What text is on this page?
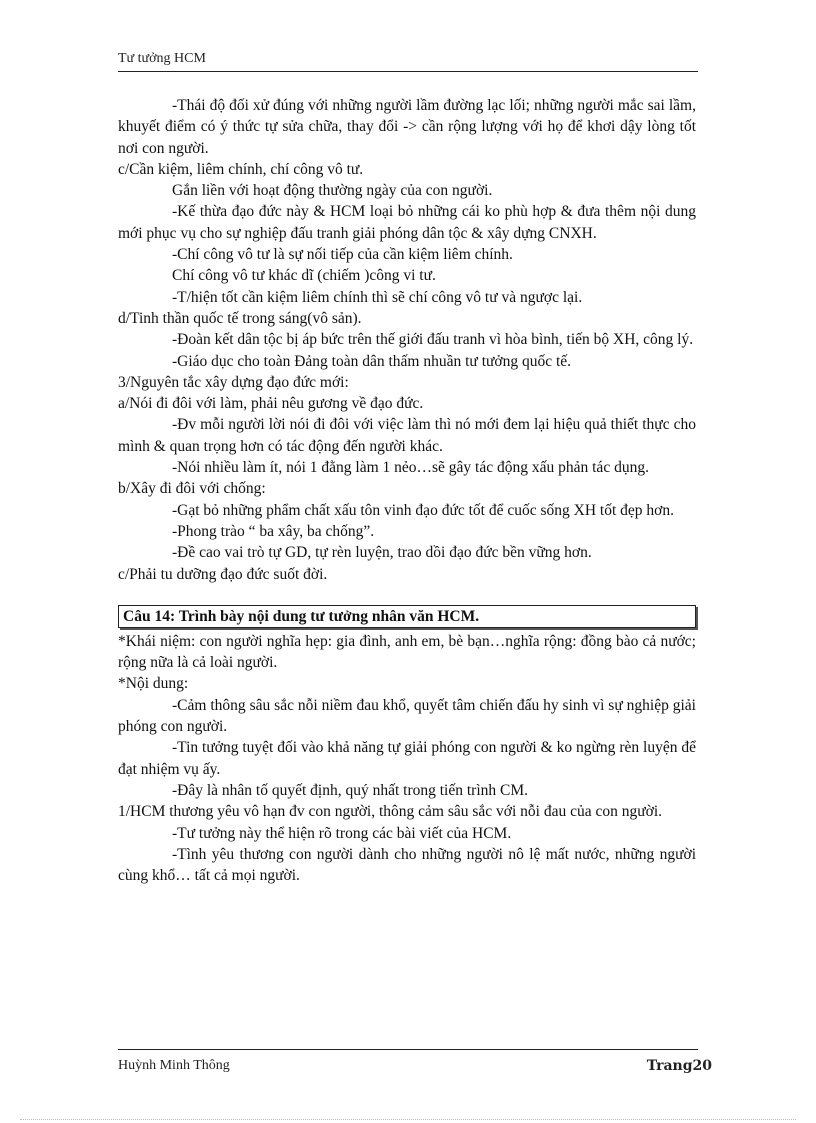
Tư tưởng HCM

-Thái độ đối xử đúng với những người lầm đường lạc lối; những người mắc sai lầm, khuyết điểm có ý thức tự sửa chữa, thay đổi -> cần rộng lượng với họ để khơi dậy lòng tốt nơi con người.

c/Cần kiệm, liêm chính, chí công vô tư.

Gắn liền với hoạt động thường ngày của con người.

-Kế thừa đạo đức này & HCM loại bỏ những cái ko phù hợp & đưa thêm nội dung mới phục vụ cho sự nghiệp đấu tranh giải phóng dân tộc & xây dựng CNXH.

-Chí công vô tư là sự nối tiếp của cần kiệm liêm chính.

Chí công vô tư khác dĩ (chiếm )công vi tư.

-T/hiện tốt cần kiệm liêm chính thì sẽ chí công vô tư và ngược lại.

d/Tinh thần quốc tế trong sáng(vô sản).

-Đoàn kết dân tộc bị áp bức trên thế giới đấu tranh vì hòa bình, tiến bộ XH, công lý.

-Giáo dục cho toàn Đảng toàn dân thấm nhuần tư tưởng quốc tế.

3/Nguyên tắc xây dựng đạo đức mới:

a/Nói đi đôi với làm, phải nêu gương về đạo đức.

-Đv mỗi người lời nói đi đôi với việc làm thì nó mới đem lại hiệu quả thiết thực cho mình & quan trọng hơn có tác động đến người khác.

-Nói nhiều làm ít, nói 1 đằng làm 1 nẻo…sẽ gây tác động xấu phản tác dụng.

b/Xây đi đôi với chống:

-Gạt bỏ những phẩm chất xấu tôn vinh đạo đức tốt để cuốc sống XH tốt đẹp hơn.

-Phong trào “ ba xây, ba chống”.

-Đề cao vai trò tự GD, tự rèn luyện, trao dồi đạo đức bền vững hơn.

c/Phải tu dưỡng đạo đức suốt đời.

Câu 14: Trình bày nội dung tư tưởng nhân văn HCM.

*Khái niệm: con người nghĩa hẹp: gia đình, anh em, bè bạn…nghĩa rộng: đồng bào cả nước; rộng nữa là cả loài người.

*Nội dung:

-Cảm thông sâu sắc nỗi niềm đau khổ, quyết tâm chiến đấu hy sinh vì sự nghiệp giải phóng con người.

-Tin tưởng tuyệt đối vào khả năng tự giải phóng con người & ko ngừng rèn luyện để đạt nhiệm vụ ấy.

-Đây là nhân tố quyết định, quý nhất trong tiến trình CM.

1/HCM thương yêu vô hạn đv con người, thông cảm sâu sắc với nỗi đau của con người.

-Tư tưởng này thể hiện rõ trong các bài viết của HCM.

-Tình yêu thương con người dành cho những người nô lệ mất nước, những người cùng khổ… tất cả mọi người.

Huỳnh Minh Thông	Trang20
